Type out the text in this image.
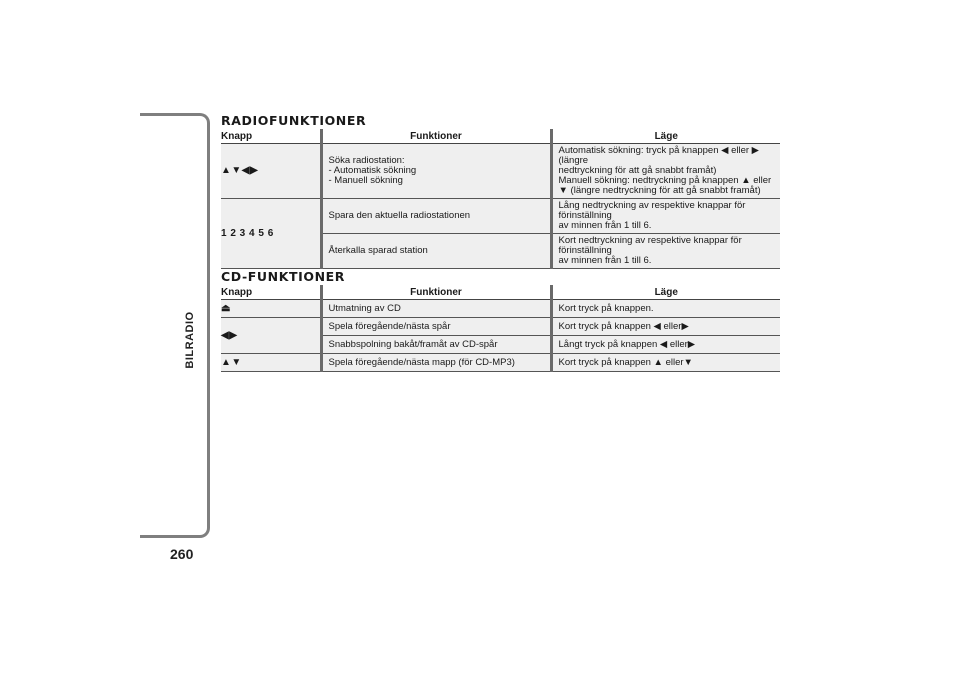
BILRADIO
260
RADIOFUNKTIONER
Knapp	Funktioner	Läge
▲▼◀▶	Söka radiostation:
- Automatisk sökning
- Manuell sökning	Automatisk sökning: tryck på knappen ◀ eller ▶ (längre
nedtryckning för att gå snabbt framåt)
Manuell sökning: nedtryckning på knappen ▲ eller
▼ (längre nedtryckning för att gå snabbt framåt)

1 2 3 4 5 6	Spara den aktuella radiostationen	Lång nedtryckning av respektive knappar för förinställning
av minnen från 1 till 6.

	Återkalla sparad station	Kort nedtryckning av respektive knappar för förinställning
av minnen från 1 till 6.
CD-FUNKTIONER
Knapp	Funktioner	Läge
⏏	Utmatning av CD	Kort tryck på knappen.
◀▶	Spela föregående/nästa spår	Kort tryck på knappen ◀ eller▶
	Snabbspolning bakåt/framåt av CD-spår	Långt tryck på knappen ◀ eller▶
▲▼	Spela föregående/nästa mapp (för CD-MP3)	Kort tryck på knappen ▲ eller▼
